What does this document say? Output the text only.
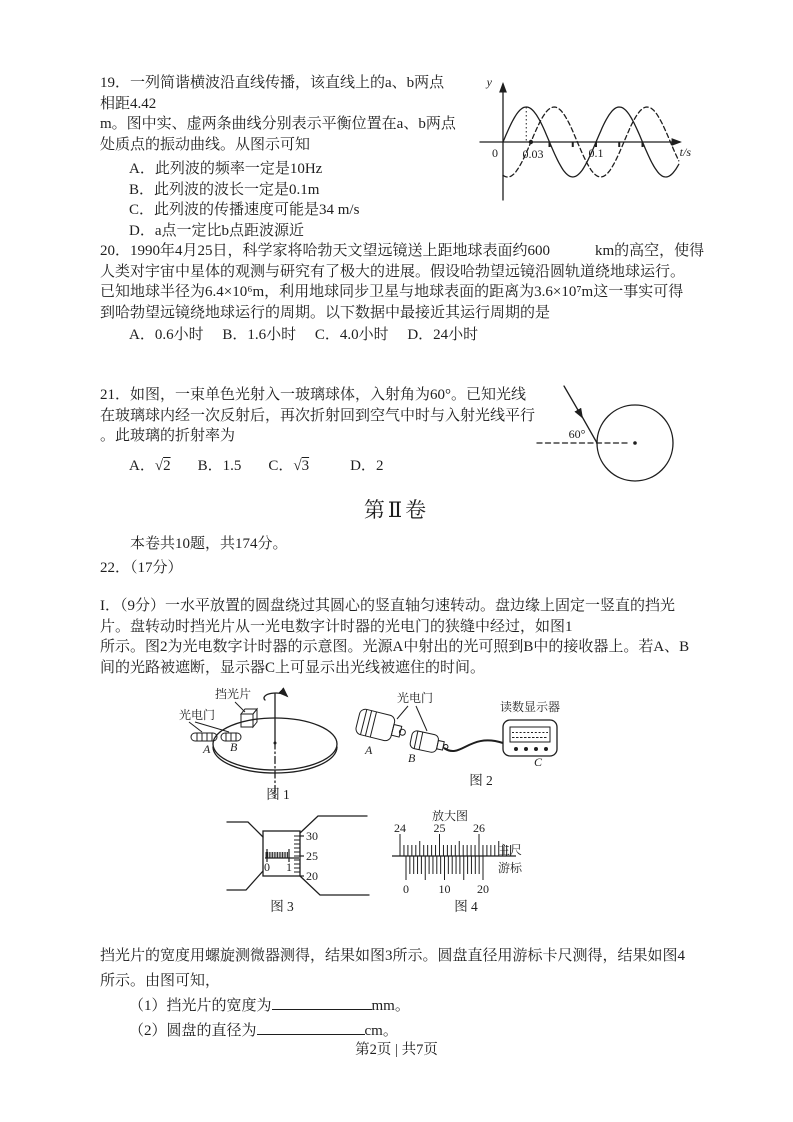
19．一列简谐横波沿直线传播，该直线上的a、b两点
相距4.42
m。图中实、虚两条曲线分别表示平衡位置在a、b两点
处质点的振动曲线。从图示可知
A．此列波的频率一定是10Hz
B．此列波的波长一定是0.1m
C．此列波的传播速度可能是34 m/s
D．a点一定比b点距波源近
y
t/s
0 0.03	0.1
20．1990年4月25日，科学家将哈勃天文望远镜送上距地球表面约600　　　km的高空，使得
人类对宇宙中星体的观测与研究有了极大的进展。假设哈勃望远镜沿圆轨道绕地球运行。
已知地球半径为6.4×10⁶m，利用地球同步卫星与地球表面的距离为3.6×10⁷m这一事实可得
到哈勃望远镜绕地球运行的周期。以下数据中最接近其运行周期的是
A．0.6小时　 B．1.6小时　 C．4.0小时　 D．24小时
21．如图，一束单色光射入一玻璃球体，入射角为60°。已知光线
在玻璃球内经一次反射后，再次折射回到空气中时与入射光线平行
。此玻璃的折射率为
A．√2 B．1.5 C．√3	D．2
60°
第Ⅱ卷
本卷共10题，共174分。
22．（17分）
I．（9分）一水平放置的圆盘绕过其圆心的竖直轴匀速转动。盘边缘上固定一竖直的挡光
片。盘转动时挡光片从一光电数字计时器的光电门的狭缝中经过，如图1
所示。图2为光电数字计时器的示意图。光源A中射出的光可照到B中的接收器上。若A、B
间的光路被遮断，显示器C上可显示出光线被遮住的时间。
挡光片
光电门
A B
图 1
光电门
读数显示器
A
B	C
图 2
0 1
30
25
20
图 3
放大图
24 25 26
主尺
游标
0 10 20
图 4
挡光片的宽度用螺旋测微器测得，结果如图3所示。圆盘直径用游标卡尺测得，结果如图4
所示。由图可知，
（1）挡光片的宽度为	mm。
（2）圆盘的直径为	cm。
第2页 | 共7页
